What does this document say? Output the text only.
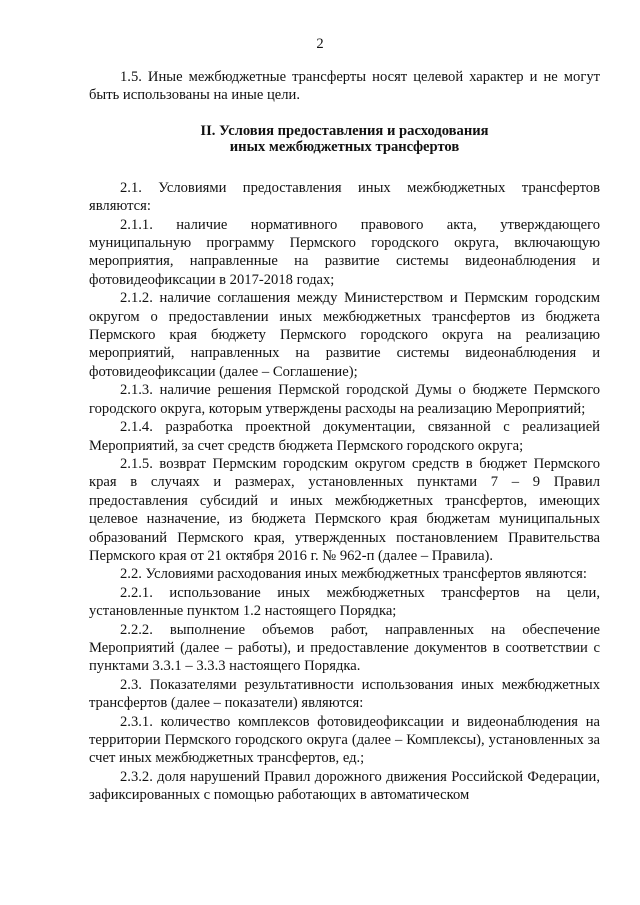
2

1.5. Иные межбюджетные трансферты носят целевой характер и не могут быть использованы на иные цели.

II. Условия предоставления и расходования
иных межбюджетных трансфертов

2.1. Условиями предоставления иных межбюджетных трансфертов являются:

2.1.1. наличие нормативного правового акта, утверждающего муниципальную программу Пермского городского округа, включающую мероприятия, направленные на развитие системы видеонаблюдения и фотовидеофиксации в 2017-2018 годах;

2.1.2. наличие соглашения между Министерством и Пермским городским округом о предоставлении иных межбюджетных трансфертов из бюджета Пермского края бюджету Пермского городского округа на реализацию мероприятий, направленных на развитие системы видеонаблюдения и фотовидеофиксации (далее – Соглашение);

2.1.3. наличие решения Пермской городской Думы о бюджете Пермского городского округа, которым утверждены расходы на реализацию Мероприятий;

2.1.4. разработка проектной документации, связанной с реализацией Мероприятий, за счет средств бюджета Пермского городского округа;

2.1.5. возврат Пермским городским округом средств в бюджет Пермского края в случаях и размерах, установленных пунктами 7 – 9 Правил предоставления субсидий и иных межбюджетных трансфертов, имеющих целевое назначение, из бюджета Пермского края бюджетам муниципальных образований Пермского края, утвержденных постановлением Правительства Пермского края от 21 октября 2016 г. № 962-п (далее – Правила).

2.2. Условиями расходования иных межбюджетных трансфертов являются:

2.2.1. использование иных межбюджетных трансфертов на цели, установленные пунктом 1.2 настоящего Порядка;

2.2.2. выполнение объемов работ, направленных на обеспечение Мероприятий (далее – работы), и предоставление документов в соответствии с пунктами 3.3.1 – 3.3.3 настоящего Порядка.

2.3. Показателями результативности использования иных межбюджетных трансфертов (далее – показатели) являются:

2.3.1. количество комплексов фотовидеофиксации и видеонаблюдения на территории Пермского городского округа (далее – Комплексы), установленных за счет иных межбюджетных трансфертов, ед.;

2.3.2. доля нарушений Правил дорожного движения Российской Федерации, зафиксированных с помощью работающих в автоматическом
